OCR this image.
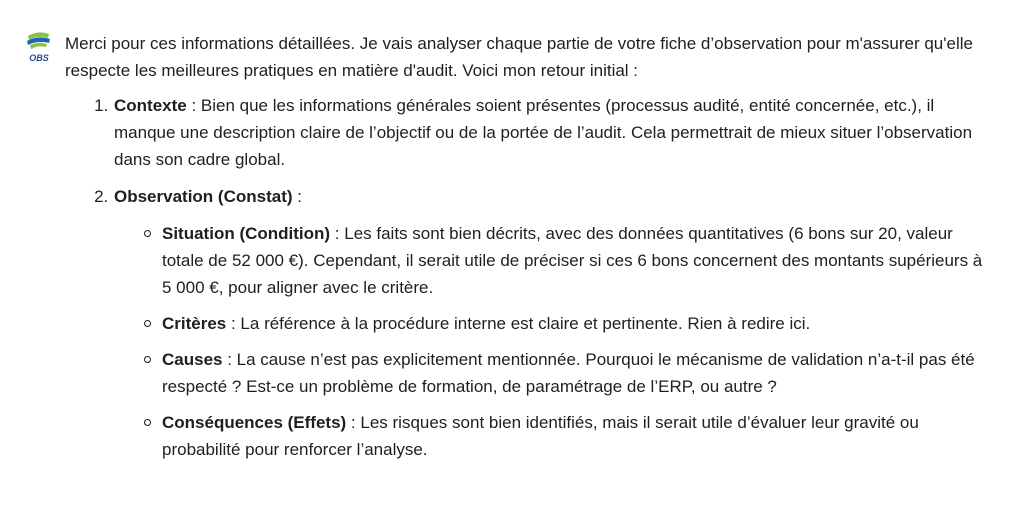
OBS

Merci pour ces informations détaillées. Je vais analyser chaque partie de votre fiche d’observation pour m'assurer qu'elle respecte les meilleures pratiques en matière d'audit. Voici mon retour initial :

1. Contexte : Bien que les informations générales soient présentes (processus audité, entité concernée, etc.), il manque une description claire de l’objectif ou de la portée de l’audit. Cela permettrait de mieux situer l’observation dans son cadre global.
2. Observation (Constat) :
Situation (Condition) : Les faits sont bien décrits, avec des données quantitatives (6 bons sur 20, valeur totale de 52 000 €). Cependant, il serait utile de préciser si ces 6 bons concernent des montants supérieurs à 5 000 €, pour aligner avec le critère.
Critères : La référence à la procédure interne est claire et pertinente. Rien à redire ici.
Causes : La cause n’est pas explicitement mentionnée. Pourquoi le mécanisme de validation n’a-t-il pas été respecté ? Est-ce un problème de formation, de paramétrage de l’ERP, ou autre ?
Conséquences (Effets) : Les risques sont bien identifiés, mais il serait utile d’évaluer leur gravité ou probabilité pour renforcer l’analyse.
